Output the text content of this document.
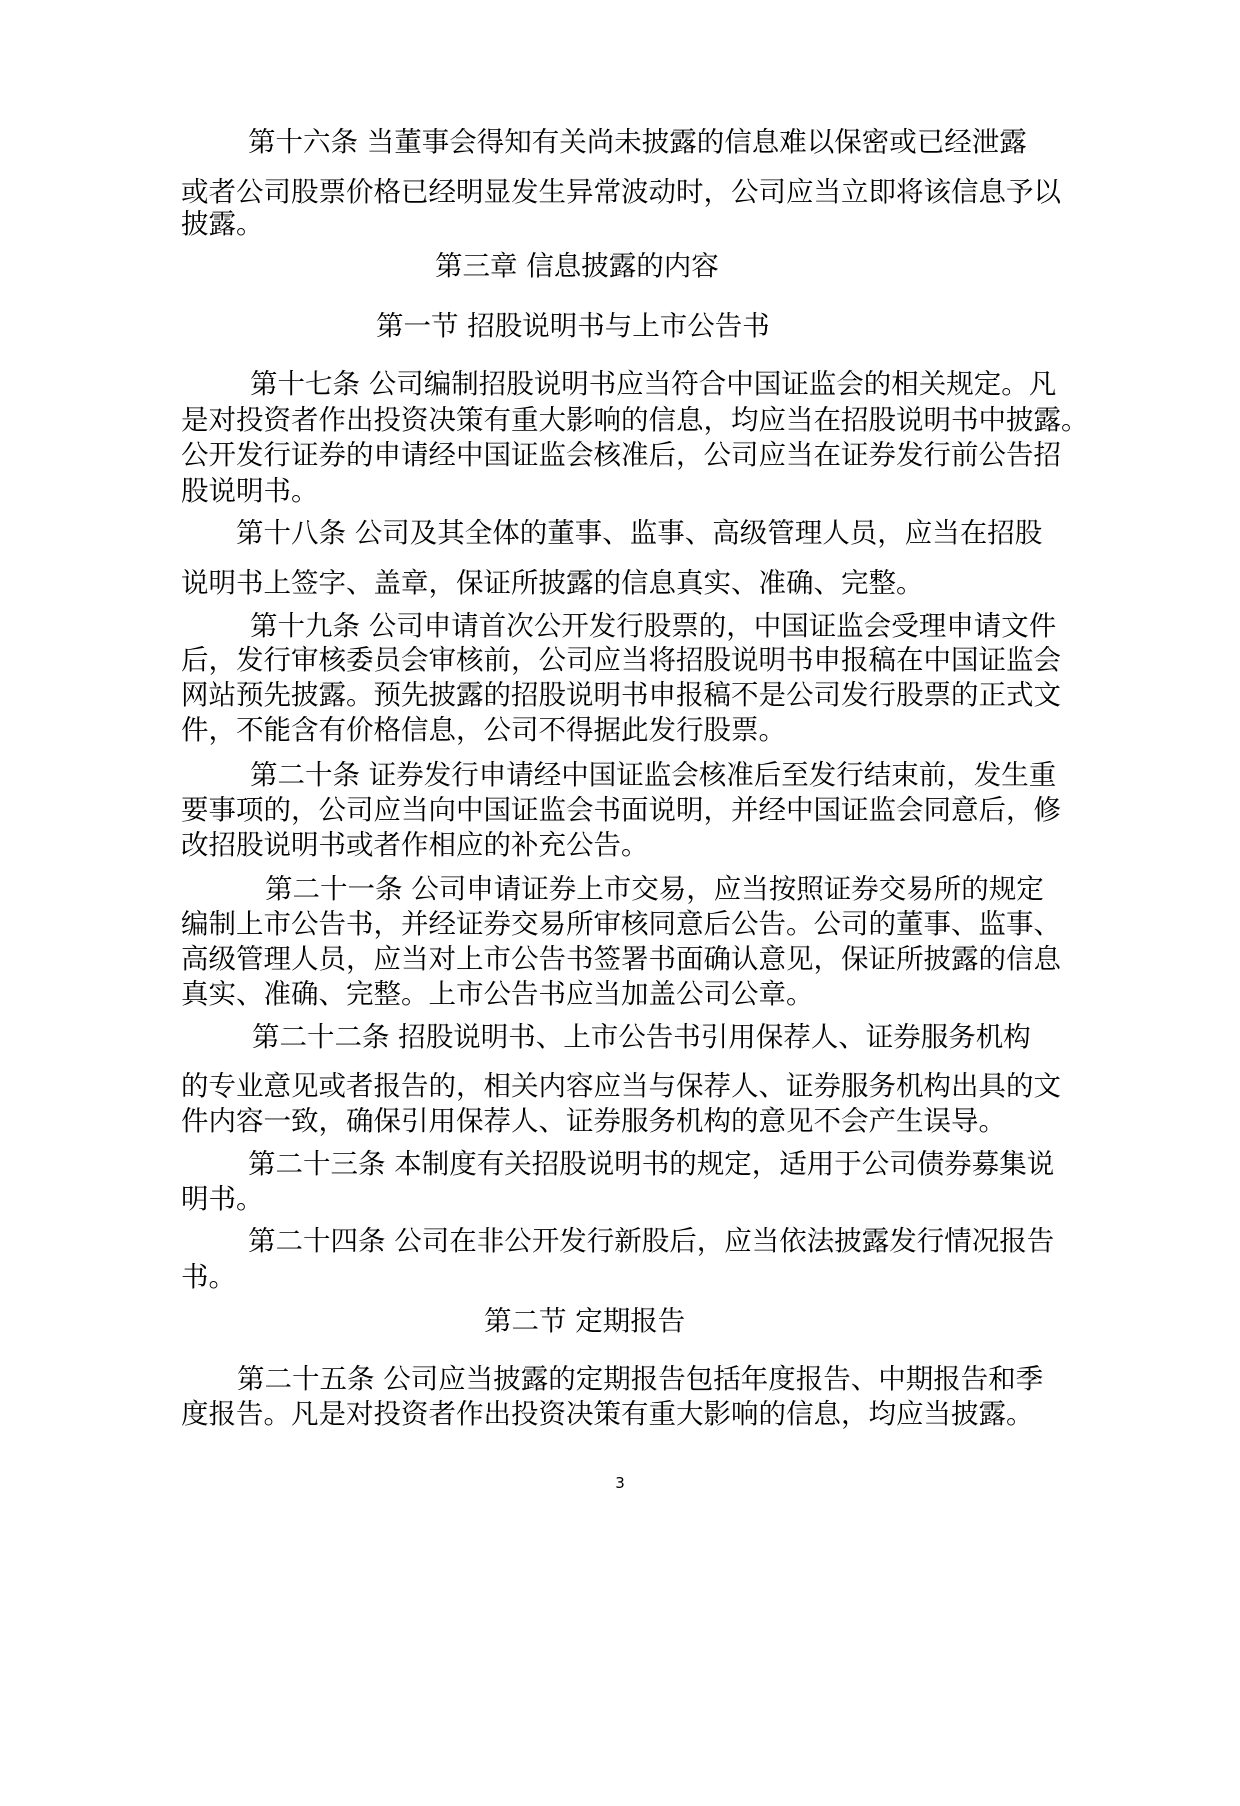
第十六条 当董事会得知有关尚未披露的信息难以保密或已经泄露
或者公司股票价格已经明显发生异常波动时，公司应当立即将该信息予以
披露。
第三章 信息披露的内容
第一节 招股说明书与上市公告书
第十七条 公司编制招股说明书应当符合中国证监会的相关规定。凡
是对投资者作出投资决策有重大影响的信息，均应当在招股说明书中披露。
公开发行证券的申请经中国证监会核准后，公司应当在证券发行前公告招
股说明书。
第十八条 公司及其全体的董事、监事、高级管理人员，应当在招股
说明书上签字、盖章，保证所披露的信息真实、准确、完整。
第十九条 公司申请首次公开发行股票的，中国证监会受理申请文件
后，发行审核委员会审核前，公司应当将招股说明书申报稿在中国证监会
网站预先披露。预先披露的招股说明书申报稿不是公司发行股票的正式文
件，不能含有价格信息，公司不得据此发行股票。
第二十条 证券发行申请经中国证监会核准后至发行结束前，发生重
要事项的，公司应当向中国证监会书面说明，并经中国证监会同意后，修
改招股说明书或者作相应的补充公告。
第二十一条 公司申请证券上市交易，应当按照证券交易所的规定
编制上市公告书，并经证券交易所审核同意后公告。公司的董事、监事、
高级管理人员，应当对上市公告书签署书面确认意见，保证所披露的信息
真实、准确、完整。上市公告书应当加盖公司公章。
第二十二条 招股说明书、上市公告书引用保荐人、证券服务机构
的专业意见或者报告的，相关内容应当与保荐人、证券服务机构出具的文
件内容一致，确保引用保荐人、证券服务机构的意见不会产生误导。
第二十三条 本制度有关招股说明书的规定，适用于公司债券募集说
明书。
第二十四条 公司在非公开发行新股后，应当依法披露发行情况报告
书。
第二节 定期报告
第二十五条 公司应当披露的定期报告包括年度报告、中期报告和季
度报告。凡是对投资者作出投资决策有重大影响的信息，均应当披露。
3
